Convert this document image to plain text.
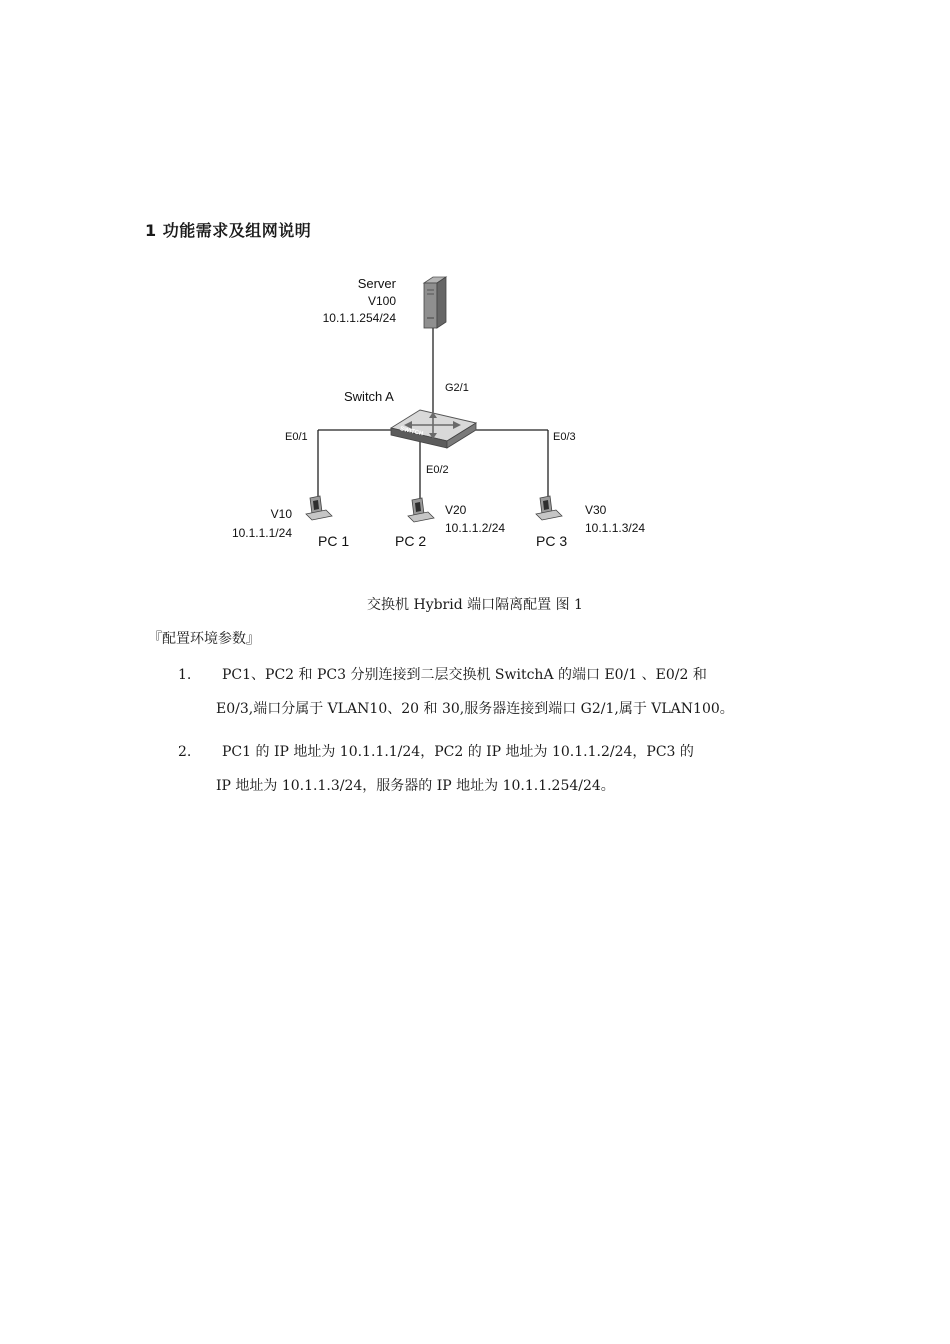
1 功能需求及组网说明
SWITCH
Server
V100
10.1.1.254/24
Switch A
G2/1
E0/1
E0/2
E0/3
V10
10.1.1.1/24 PC 1
V20
10.1.1.2/24
PC 2
V30
10.1.1.3/24
PC 3
交换机 Hybrid 端口隔离配置 图 1
『配置环境参数』
1. PC1、PC2 和 PC3 分别连接到二层交换机 SwitchA 的端口 E0/1 、E0/2 和
E0/3,端口分属于 VLAN10、20 和 30,服务器连接到端口 G2/1,属于 VLAN100。
2. PC1 的 IP 地址为 10.1.1.1/24，PC2 的 IP 地址为 10.1.1.2/24，PC3 的
IP 地址为 10.1.1.3/24，服务器的 IP 地址为 10.1.1.254/24。
